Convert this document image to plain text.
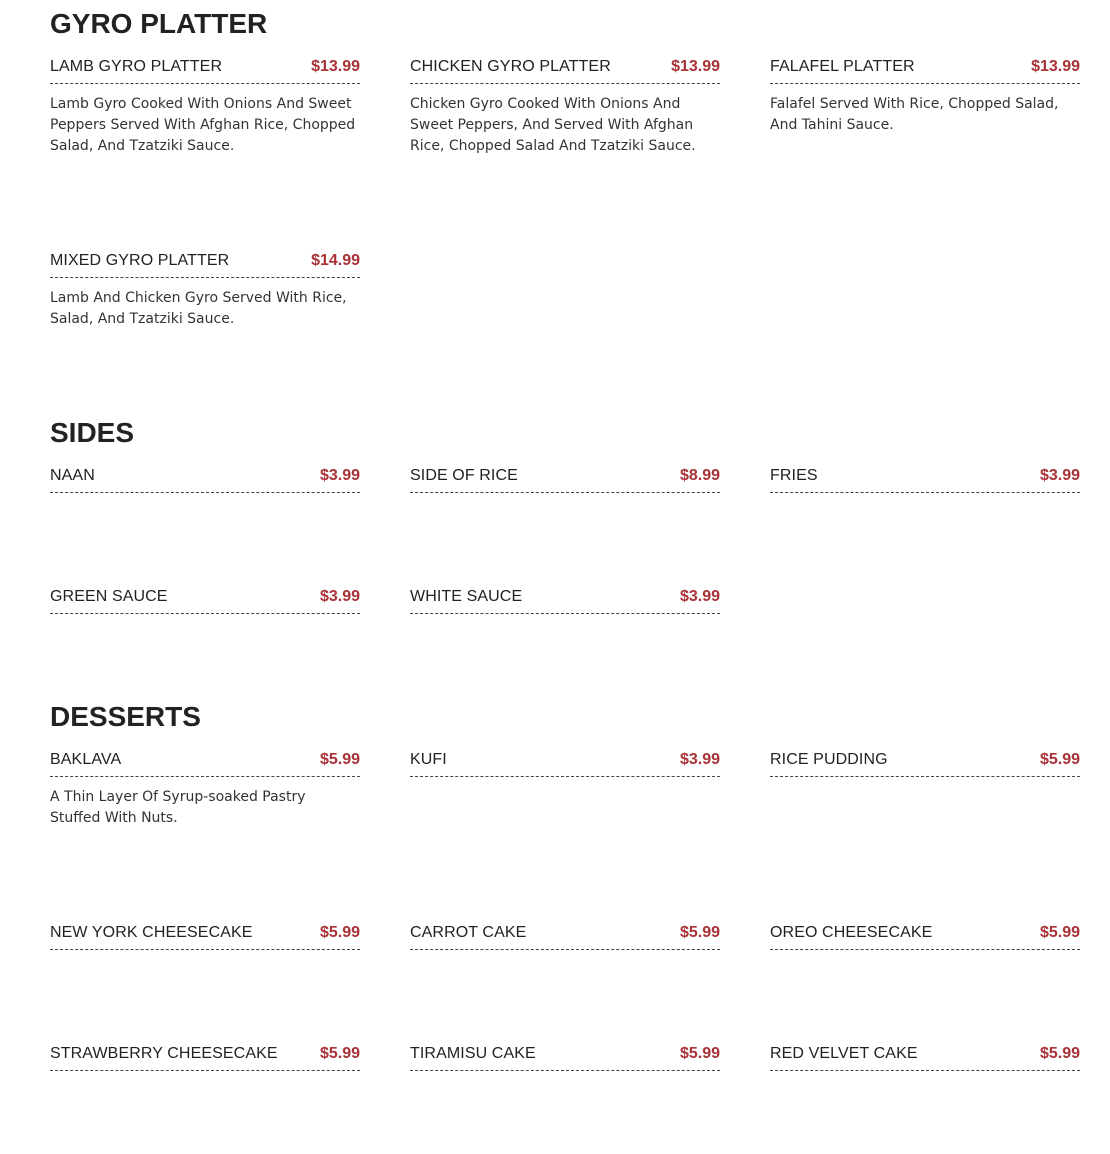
GYRO PLATTER
LAMB GYRO PLATTER	$13.99
Lamb Gyro Cooked With Onions And Sweet Peppers Served With Afghan Rice, Chopped Salad, And Tzatziki Sauce.
CHICKEN GYRO PLATTER	$13.99
Chicken Gyro Cooked With Onions And Sweet Peppers, And Served With Afghan Rice, Chopped Salad And Tzatziki Sauce.
FALAFEL PLATTER	$13.99
Falafel Served With Rice, Chopped Salad, And Tahini Sauce.
MIXED GYRO PLATTER	$14.99
Lamb And Chicken Gyro Served With Rice, Salad, And Tzatziki Sauce.
SIDES
NAAN	$3.99	SIDE OF RICE	$8.99	FRIES	$3.99
GREEN SAUCE	$3.99	WHITE SAUCE	$3.99
DESSERTS
BAKLAVA	$5.99
A Thin Layer Of Syrup-soaked Pastry Stuffed With Nuts.
KUFI	$3.99	RICE PUDDING	$5.99
NEW YORK CHEESECAKE	$5.99	CARROT CAKE	$5.99	OREO CHEESECAKE	$5.99
STRAWBERRY CHEESECAKE	$5.99	TIRAMISU CAKE	$5.99	RED VELVET CAKE	$5.99
